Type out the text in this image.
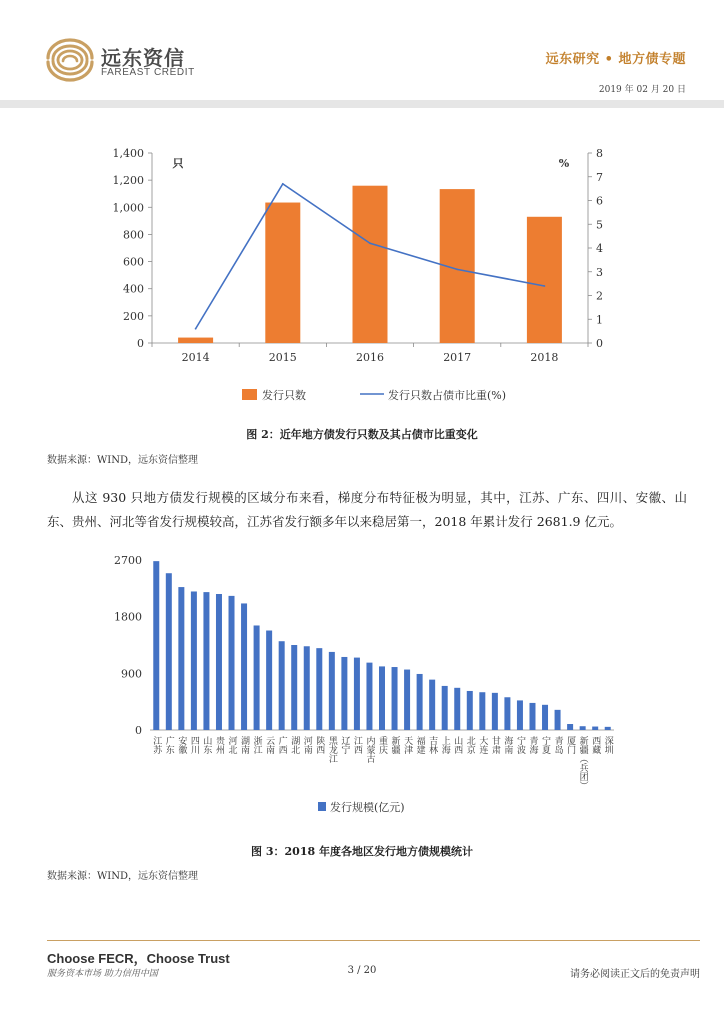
远东资信
FAREAST CREDIT
远东研究 • 地方债专题
2019 年 02 月 20 日
0
200
400
600
800
1,000
1,200
1,400
0
1
2
3
4
5
6
7
8
2014	2015	2016	2017	2018
只	%
发行只数	发行只数占债市比重(%)
图 2：近年地方债发行只数及其占债市比重变化
数据来源：WIND，远东资信整理
从这 930 只地方债发行规模的区域分布来看，梯度分布特征极为明显，其中，江苏、广东、四川、安徽、山东、贵州、河北等省发行规模较高，江苏省发行额多年以来稳居第一，2018 年累计发行 2681.9 亿元。
0
900
1800
2700
发行规模(亿元)
图 3：2018 年度各地区发行地方债规模统计
数据来源：WIND，远东资信整理
Choose FECR，Choose Trust
服务资本市场 助力信用中国	3 / 20	请务必阅读正文后的免责声明
江苏 广东 安徽 四川 山东 贵州 河北 湖南 浙江 云南 广西 湖北 河南 陕西 黑龙江 辽宁 江西 内蒙古 重庆 新疆 天津 福建 吉林 上海 山西 北京 大连 甘肃 海南 宁波 青海 宁夏 青岛 厦门 新疆（兵团） 西藏 深圳
